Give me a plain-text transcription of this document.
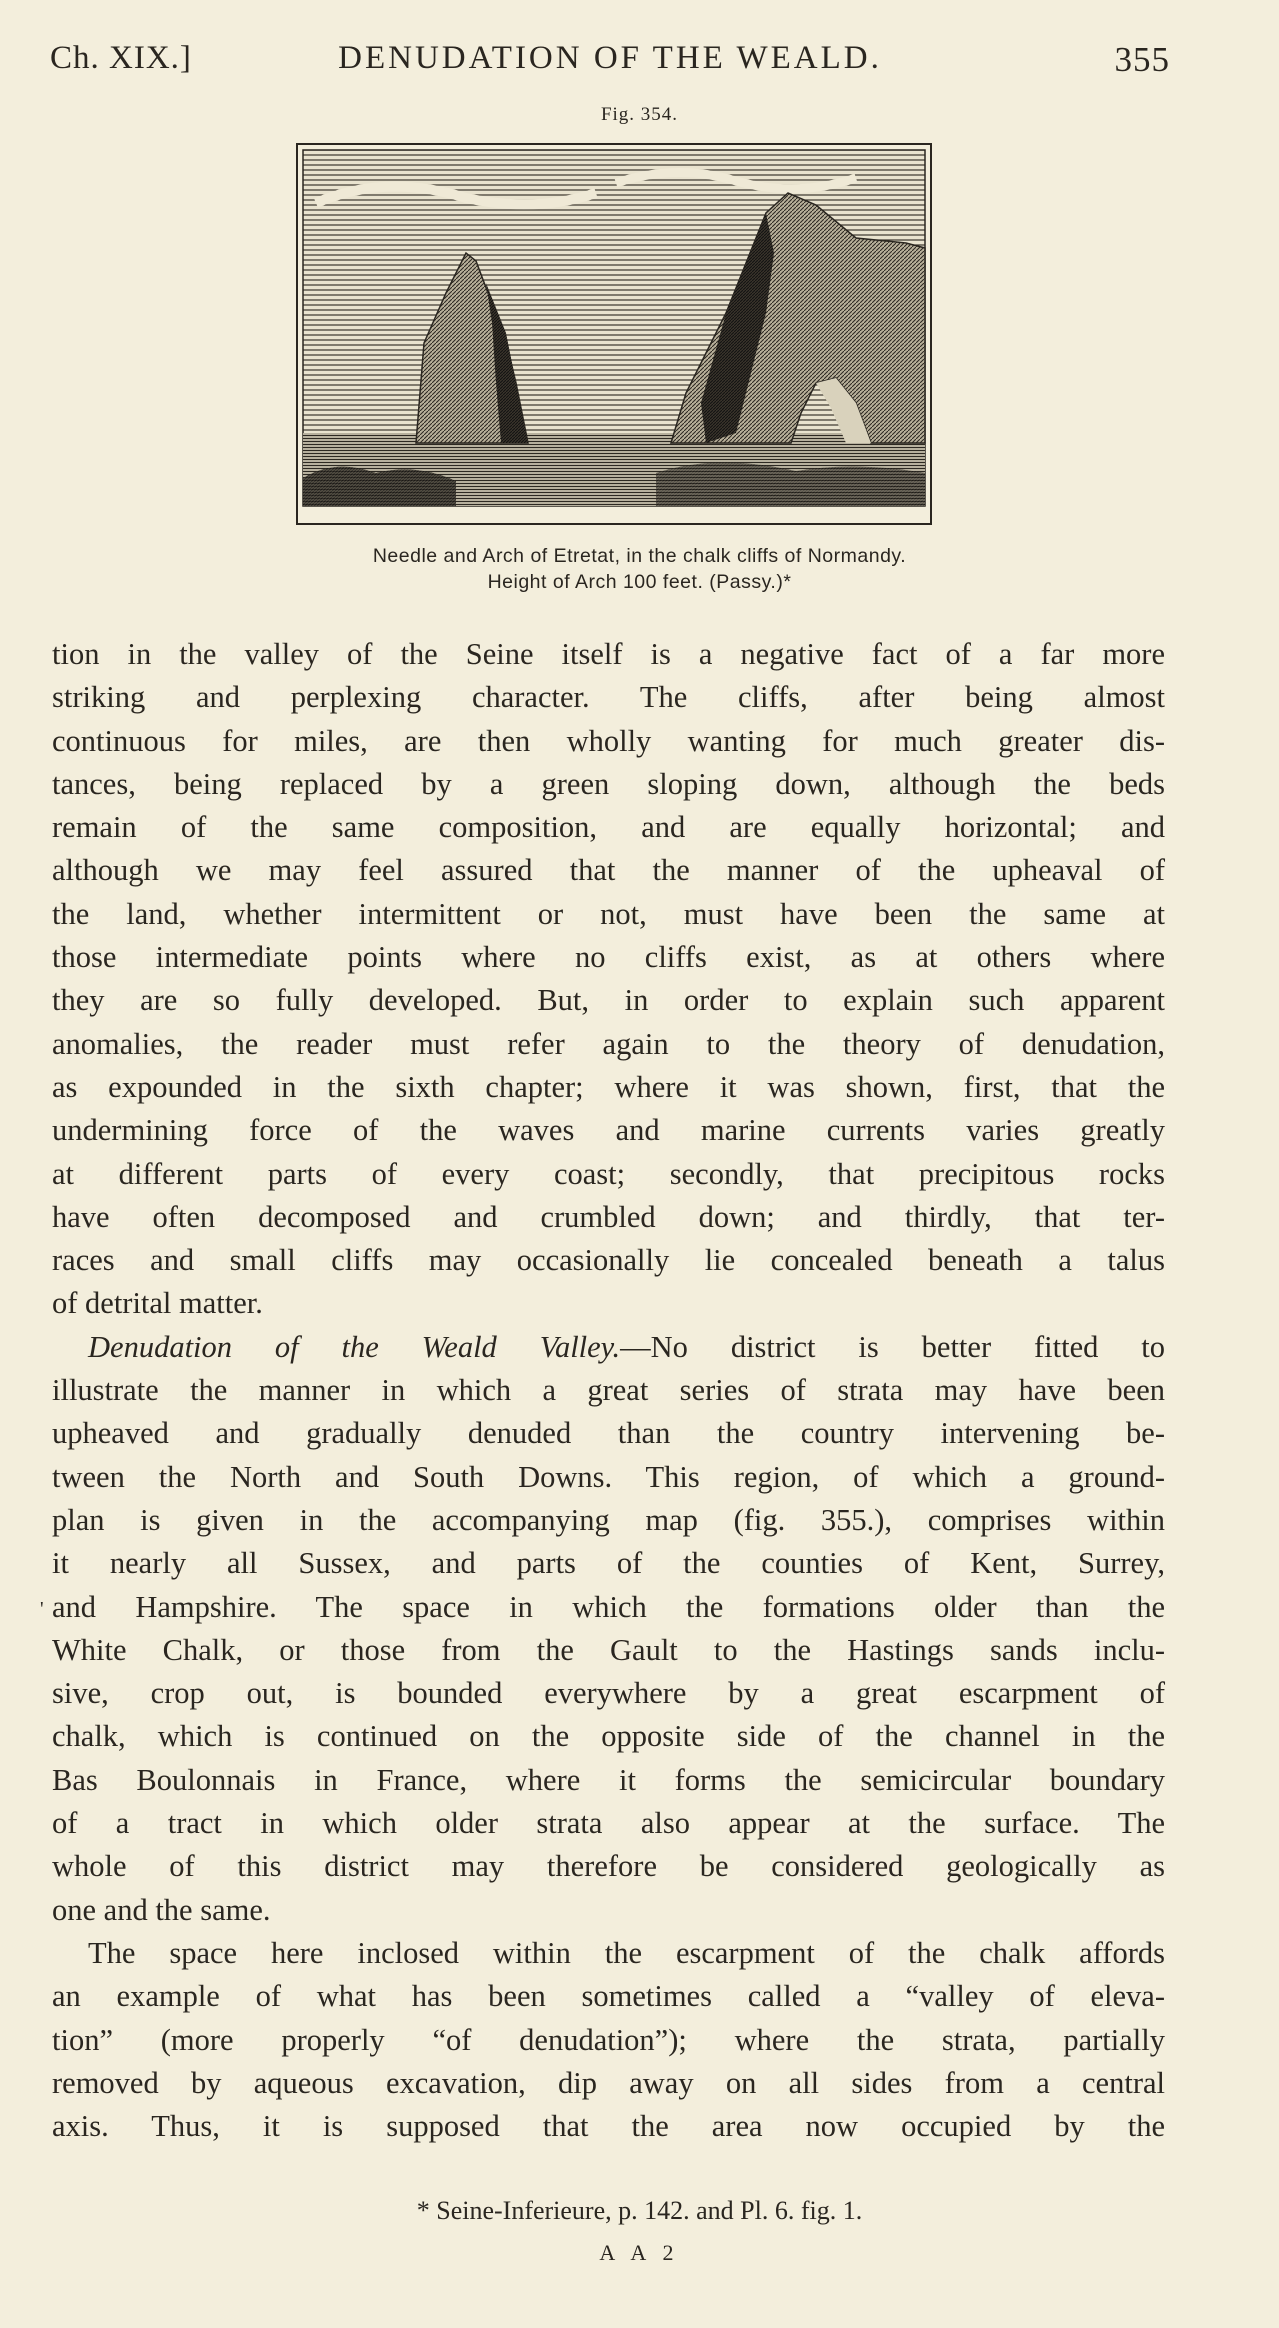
Ch. XIX.]	DENUDATION OF THE WEALD.	355
Fig. 354.
Needle and Arch of Etretat, in the chalk cliffs of Normandy.
Height of Arch 100 feet. (Passy.)*
tion in the valley of the Seine itself is a negative fact of a far more
striking and perplexing character. The cliffs, after being almost
continuous for miles, are then wholly wanting for much greater dis-
tances, being replaced by a green sloping down, although the beds
remain of the same composition, and are equally horizontal; and
although we may feel assured that the manner of the upheaval of
the land, whether intermittent or not, must have been the same at
those intermediate points where no cliffs exist, as at others where
they are so fully developed. But, in order to explain such apparent
anomalies, the reader must refer again to the theory of denudation,
as expounded in the sixth chapter; where it was shown, first, that the
undermining force of the waves and marine currents varies greatly
at different parts of every coast; secondly, that precipitous rocks
have often decomposed and crumbled down; and thirdly, that ter-
races and small cliffs may occasionally lie concealed beneath a talus
of detrital matter.
Denudation of the Weald Valley.—No district is better fitted to
illustrate the manner in which a great series of strata may have been
upheaved and gradually denuded than the country intervening be-
tween the North and South Downs. This region, of which a ground-
plan is given in the accompanying map (fig. 355.), comprises within
it nearly all Sussex, and parts of the counties of Kent, Surrey,
and Hampshire. The space in which the formations older than the
White Chalk, or those from the Gault to the Hastings sands inclu-
sive, crop out, is bounded everywhere by a great escarpment of
chalk, which is continued on the opposite side of the channel in the
Bas Boulonnais in France, where it forms the semicircular boundary
of a tract in which older strata also appear at the surface. The
whole of this district may therefore be considered geologically as
one and the same.
The space here inclosed within the escarpment of the chalk affords
an example of what has been sometimes called a “valley of eleva-
tion” (more properly “of denudation”); where the strata, partially
removed by aqueous excavation, dip away on all sides from a central
axis. Thus, it is supposed that the area now occupied by the
'
* Seine-Inferieure, p. 142. and Pl. 6. fig. 1.
A A 2
